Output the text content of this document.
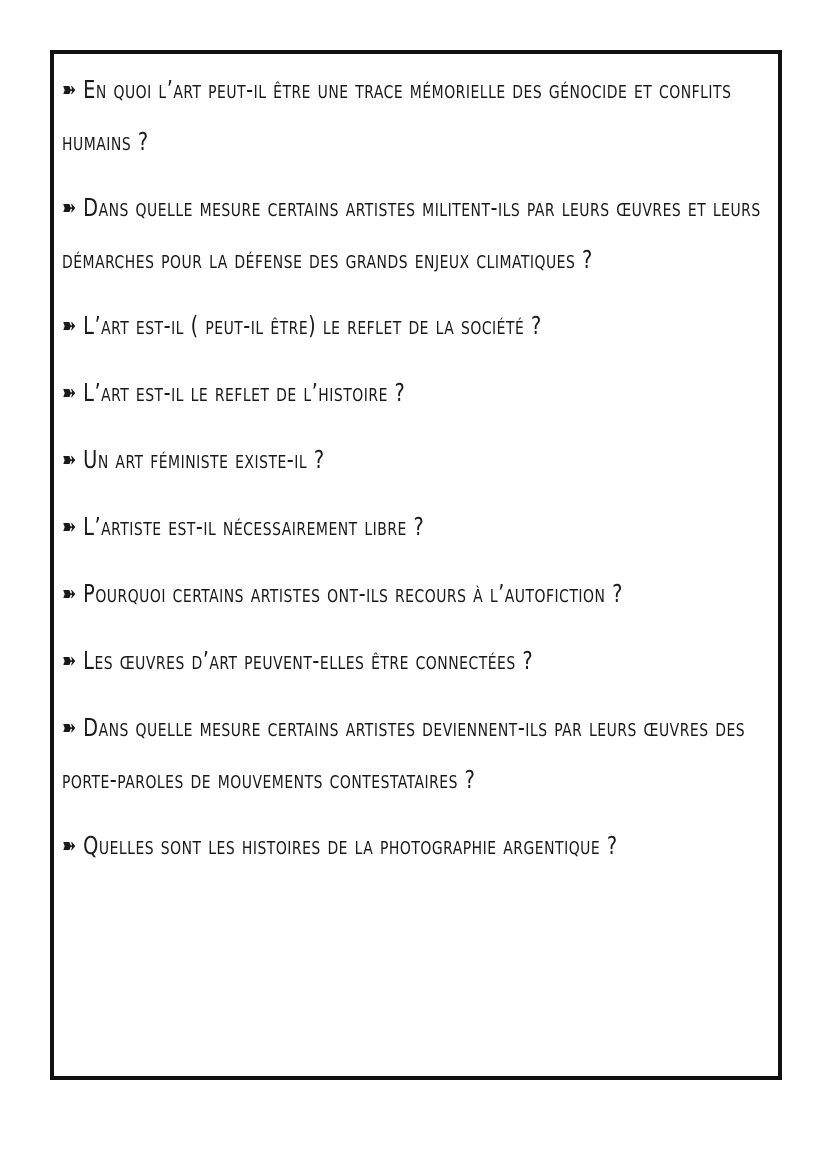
➽ En quoi l’art peut-il être une trace mémorielle des génocide et conflits humains ?
➽ Dans quelle mesure certains artistes militent-ils par leurs œuvres et leurs démarches pour la défense des grands enjeux climatiques ?
➽ L’art est-il ( peut-il être) le reflet de la société ?
➽ L’art est-il le reflet de l’histoire ?
➽ Un art féministe existe-il ?
➽ L’artiste est-il nécessairement libre ?
➽ Pourquoi certains artistes ont-ils recours à l’autofiction ?
➽ Les œuvres d’art peuvent-elles être connectées ?
➽ Dans quelle mesure certains artistes deviennent-ils par leurs œuvres des porte-paroles de mouvements contestataires ?
➽ Quelles sont les histoires de la photographie argentique ?
